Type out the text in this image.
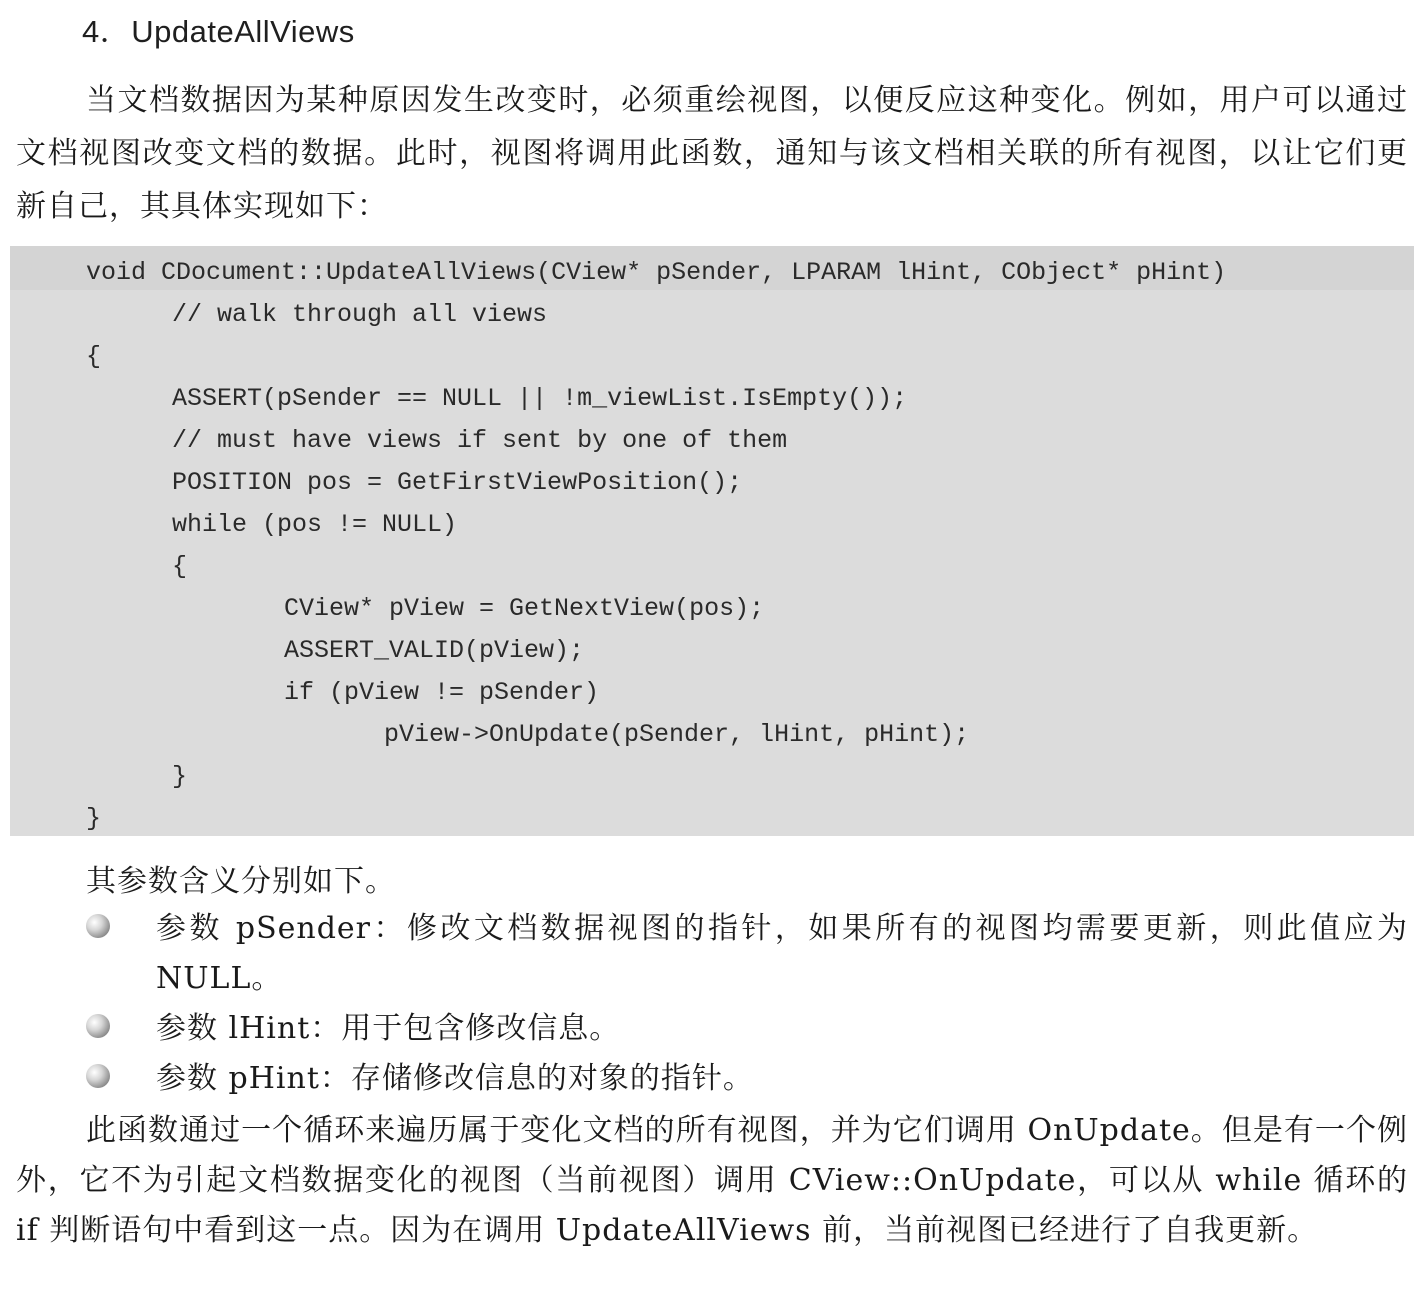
4．UpdateAllViews

当文档数据因为某种原因发生改变时，必须重绘视图，以便反应这种变化。例如，用户可以通过文档视图改变文档的数据。此时，视图将调用此函数，通知与该文档相关联的所有视图，以让它们更新自己，其具体实现如下：

void CDocument::UpdateAllViews(CView* pSender, LPARAM lHint, CObject* pHint)
// walk through all views
{
ASSERT(pSender == NULL || !m_viewList.IsEmpty());
// must have views if sent by one of them
POSITION pos = GetFirstViewPosition();
while (pos != NULL)
{
CView* pView = GetNextView(pos);
ASSERT_VALID(pView);
if (pView != pSender)
pView->OnUpdate(pSender, lHint, pHint);
}
}
其参数含义分别如下。
参数 pSender：修改文档数据视图的指针，如果所有的视图均需要更新，则此值应为 NULL。
参数 lHint：用于包含修改信息。
参数 pHint：存储修改信息的对象的指针。

此函数通过一个循环来遍历属于变化文档的所有视图，并为它们调用 OnUpdate。但是有一个例外，它不为引起文档数据变化的视图（当前视图）调用 CView::OnUpdate，可以从 while 循环的 if 判断语句中看到这一点。因为在调用 UpdateAllViews 前，当前视图已经进行了自我更新。
